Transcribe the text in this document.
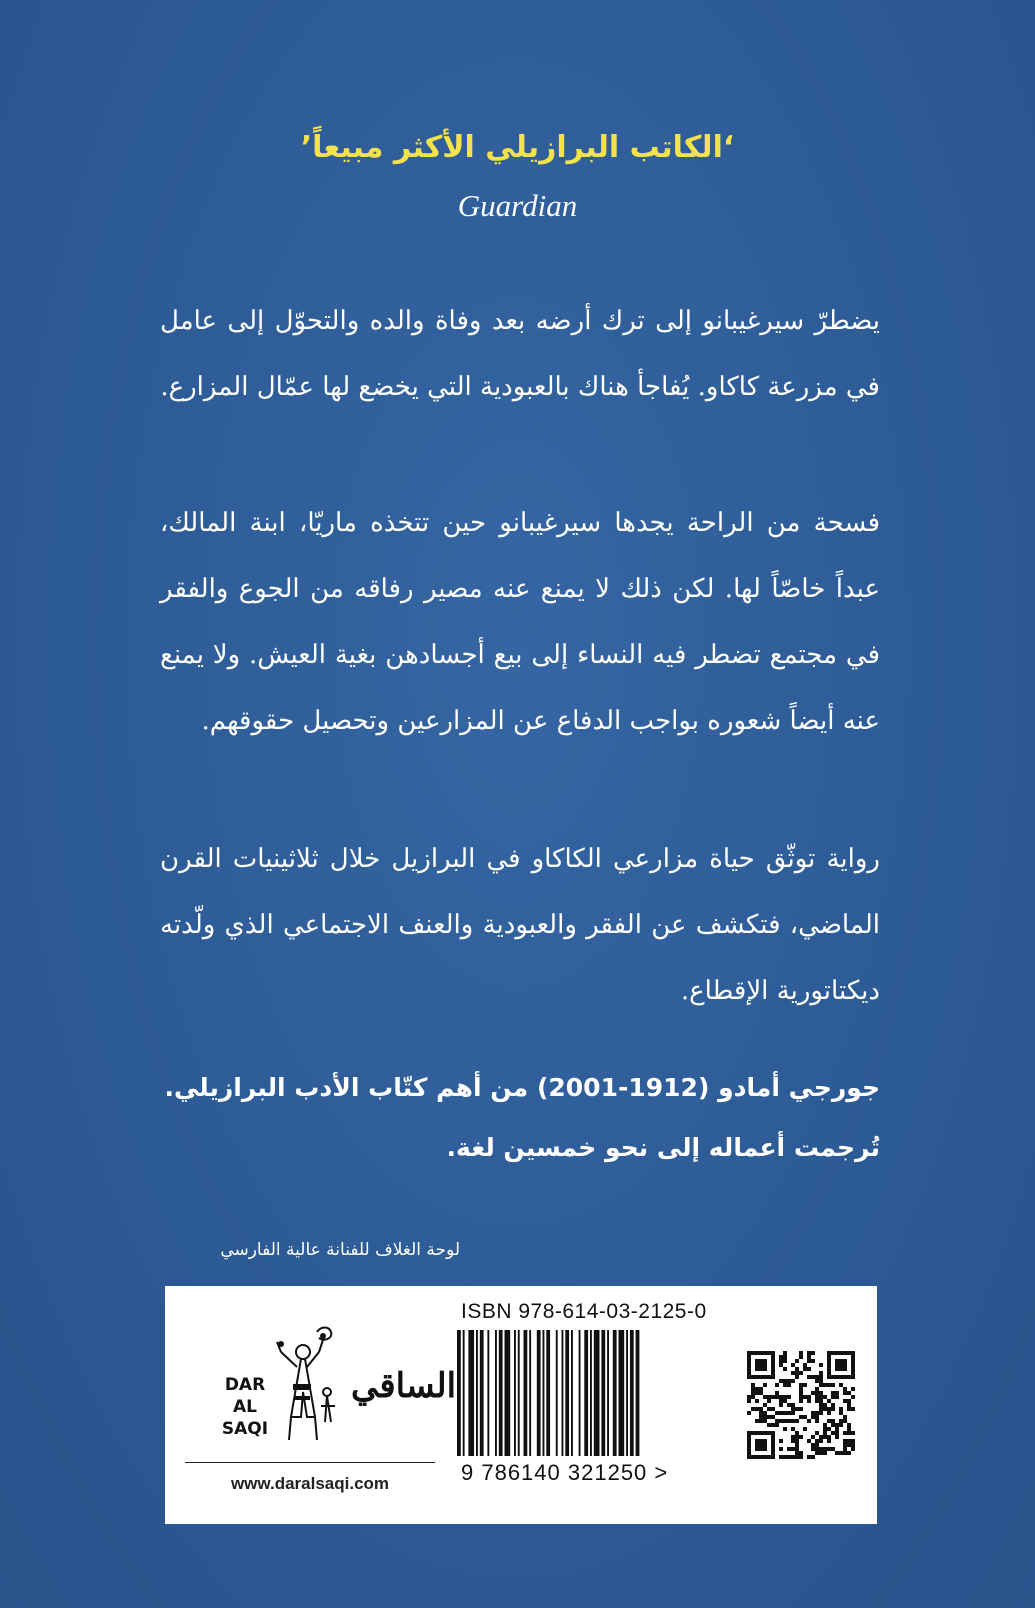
‘الكاتب البرازيلي الأكثر مبيعاً’
Guardian
يضطرّ سيرغيبانو إلى ترك أرضه بعد وفاة والده والتحوّل إلى عامل في مزرعة كاكاو. يُفاجأ هناك بالعبودية التي يخضع لها عمّال المزارع.
فسحة من الراحة يجدها سيرغيبانو حين تتخذه ماريّا، ابنة المالك، عبداً خاصّاً لها. لكن ذلك لا يمنع عنه مصير رفاقه من الجوع والفقر في مجتمع تضطر فيه النساء إلى بيع أجسادهن بغية العيش. ولا يمنع عنه أيضاً شعوره بواجب الدفاع عن المزارعين وتحصيل حقوقهم.
رواية توثّق حياة مزارعي الكاكاو في البرازيل خلال ثلاثينيات القرن الماضي، فتكشف عن الفقر والعبودية والعنف الاجتماعي الذي ولّدته ديكتاتورية الإقطاع.
جورجي أمادو (1912-2001) من أهم كتّاب الأدب البرازيلي. تُرجمت أعماله إلى نحو خمسين لغة.
لوحة الغلاف للفنانة عالية الفارسي
DAR AL SAQI
الساقي
www.daralsaqi.com
ISBN 978-614-03-2125-0
9 786140 321250 >
